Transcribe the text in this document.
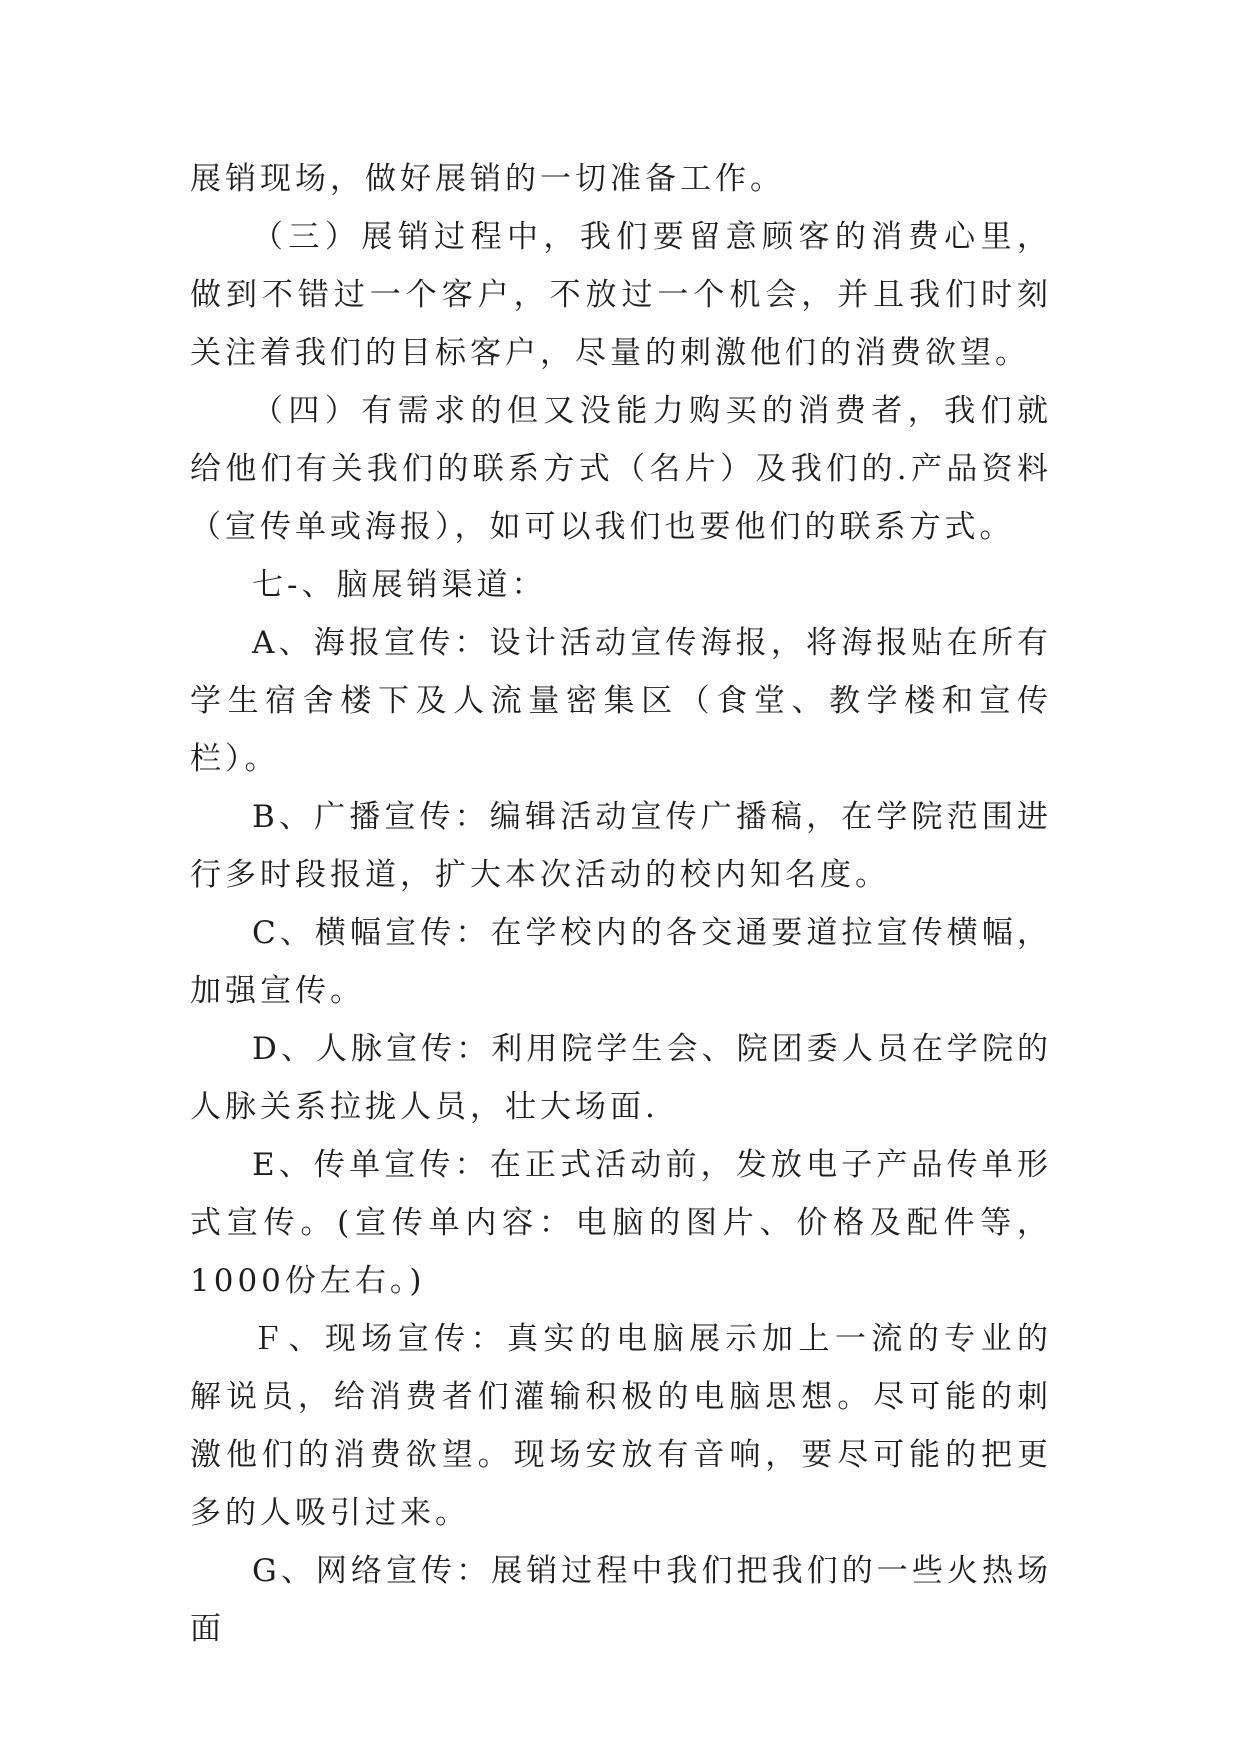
展销现场，做好展销的一切准备工作。

（三）展销过程中，我们要留意顾客的消费心里，做到不错过一个客户，不放过一个机会，并且我们时刻关注着我们的目标客户，尽量的刺激他们的消费欲望。

（四）有需求的但又没能力购买的消费者，我们就给他们有关我们的联系方式（名片）及我们的.产品资料（宣传单或海报），如可以我们也要他们的联系方式。

七-、脑展销渠道：

A、海报宣传：设计活动宣传海报，将海报贴在所有学生宿舍楼下及人流量密集区（食堂、教学楼和宣传栏）。

B、广播宣传：编辑活动宣传广播稿，在学院范围进行多时段报道，扩大本次活动的校内知名度。

C、横幅宣传：在学校内的各交通要道拉宣传横幅，加强宣传。

D、人脉宣传：利用院学生会、院团委人员在学院的人脉关系拉拢人员，壮大场面.

E、传单宣传：在正式活动前，发放电子产品传单形式宣传。(宣传单内容：电脑的图片、价格及配件等，1000份左右。)

Ｆ、现场宣传：真实的电脑展示加上一流的专业的解说员，给消费者们灌输积极的电脑思想。尽可能的刺激他们的消费欲望。现场安放有音响，要尽可能的把更多的人吸引过来。

G、网络宣传：展销过程中我们把我们的一些火热场面
